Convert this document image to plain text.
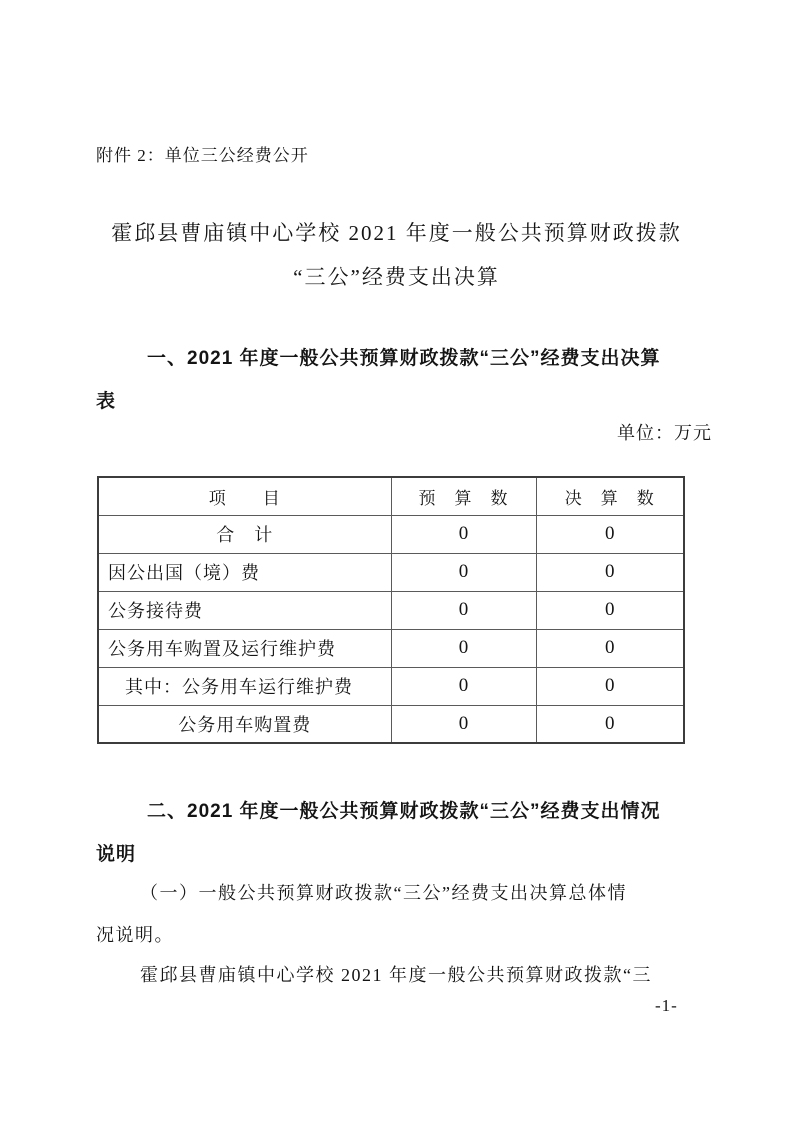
附件 2：单位三公经费公开
霍邱县曹庙镇中心学校 2021 年度一般公共预算财政拨款
“三公”经费支出决算
一、2021 年度一般公共预算财政拨款“三公”经费支出决算
表
单位：万元
项　　目	预　算　数	决　算　数
合　计	0	0
因公出国（境）费	0	0
公务接待费	0	0
公务用车购置及运行维护费	0	0
其中：公务用车运行维护费	0	0
公务用车购置费	0	0
二、2021 年度一般公共预算财政拨款“三公”经费支出情况
说明
（一）一般公共预算财政拨款“三公”经费支出决算总体情
况说明。
霍邱县曹庙镇中心学校 2021 年度一般公共预算财政拨款“三
-1-
